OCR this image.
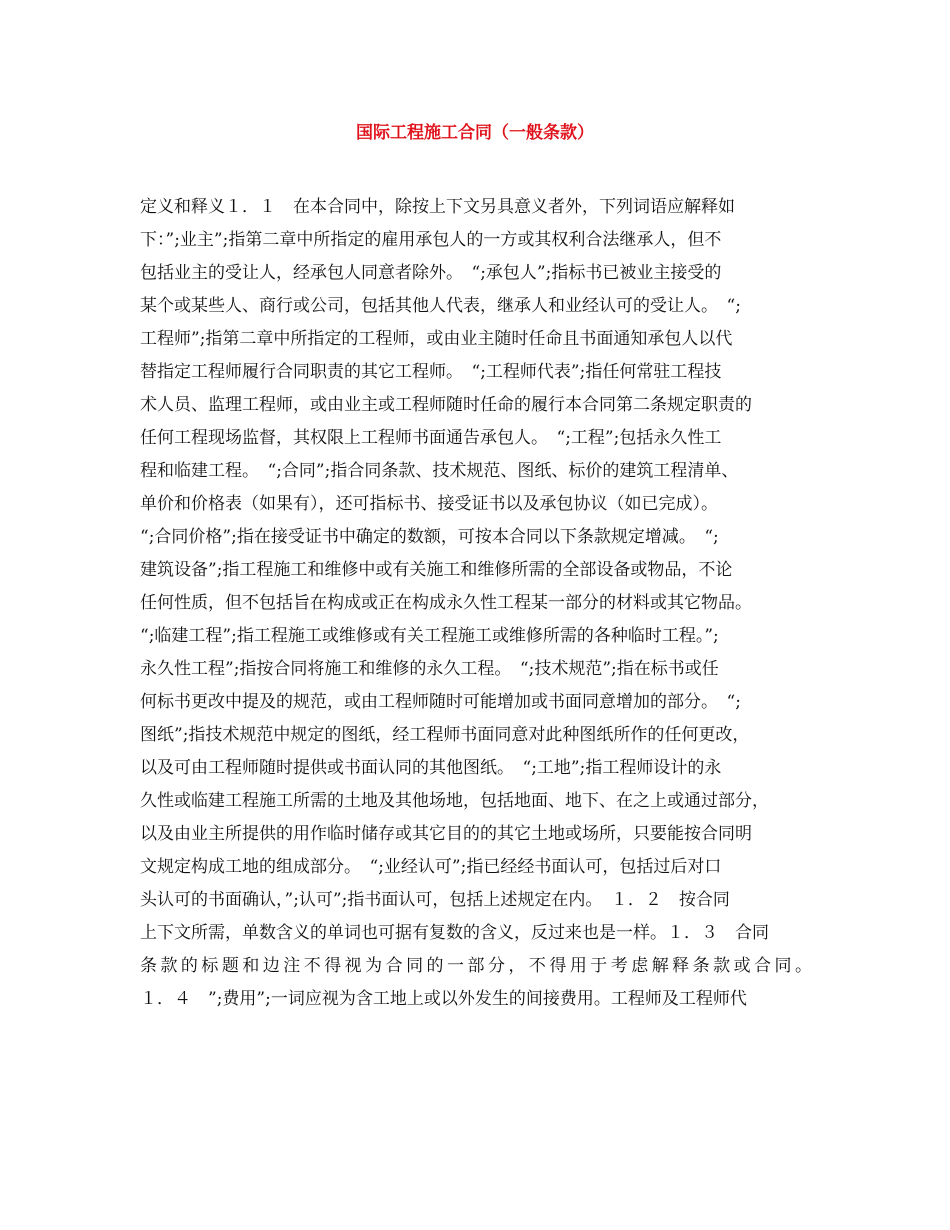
国际工程施工合同（一般条款）
定义和释义１．１　在本合同中，除按上下文另具意义者外，下列词语应解释如
下：”;业主”;指第二章中所指定的雇用承包人的一方或其权利合法继承人，但不
包括业主的受让人，经承包人同意者除外。　“;承包人”;指标书已被业主接受的
某个或某些人、商行或公司，包括其他人代表，继承人和业经认可的受让人。　“;
工程师”;指第二章中所指定的工程师，或由业主随时任命且书面通知承包人以代
替指定工程师履行合同职责的其它工程师。　“;工程师代表”;指任何常驻工程技
术人员、监理工程师，或由业主或工程师随时任命的履行本合同第二条规定职责的
任何工程现场监督，其权限上工程师书面通告承包人。　“;工程”;包括永久性工
程和临建工程。　“;合同”;指合同条款、技术规范、图纸、标价的建筑工程清单、
单价和价格表（如果有），还可指标书、接受证书以及承包协议（如已完成）。
“;合同价格”;指在接受证书中确定的数额，可按本合同以下条款规定增减。　“;
建筑设备”;指工程施工和维修中或有关施工和维修所需的全部设备或物品，不论
任何性质，但不包括旨在构成或正在构成永久性工程某一部分的材料或其它物品。
“;临建工程”;指工程施工或维修或有关工程施工或维修所需的各种临时工程。”;
永久性工程”;指按合同将施工和维修的永久工程。　“;技术规范”;指在标书或任
何标书更改中提及的规范，或由工程师随时可能增加或书面同意增加的部分。　“;
图纸”;指技术规范中规定的图纸，经工程师书面同意对此种图纸所作的任何更改，
以及可由工程师随时提供或书面认同的其他图纸。　“;工地”;指工程师设计的永
久性或临建工程施工所需的土地及其他场地，包括地面、地下、在之上或通过部分，
以及由业主所提供的用作临时储存或其它目的的其它土地或场所，只要能按合同明
文规定构成工地的组成部分。　“;业经认可”;指已经经书面认可，包括过后对口
头认可的书面确认，”;认可”;指书面认可，包括上述规定在内。　１．２　按合同
上下文所需，单数含义的单词也可据有复数的含义，反过来也是一样。１．３　合同
条款的标题和边注不得视为合同的一部分，不得用于考虑解释条款或合同。
１．４　”;费用”;一词应视为含工地上或以外发生的间接费用。工程师及工程师代
